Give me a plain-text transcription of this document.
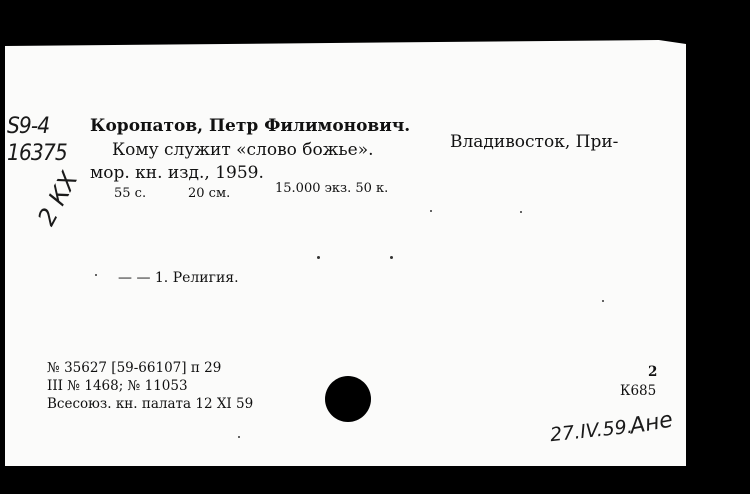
S9-4
16375
Коропатов, Петр Филимонович.
Кому служит «слово божье».	Владивосток, При-
мор. кн. изд., 1959.
55 с.	20 см.	15.000 экз. 50 к.
2 КХ
— — 1. Религия.
№ 35627 [59-66107] п 29
III № 1468; № 11053
Всесоюз. кн. палата 12 XI 59
2
К685
27.IV.59.
Ане
